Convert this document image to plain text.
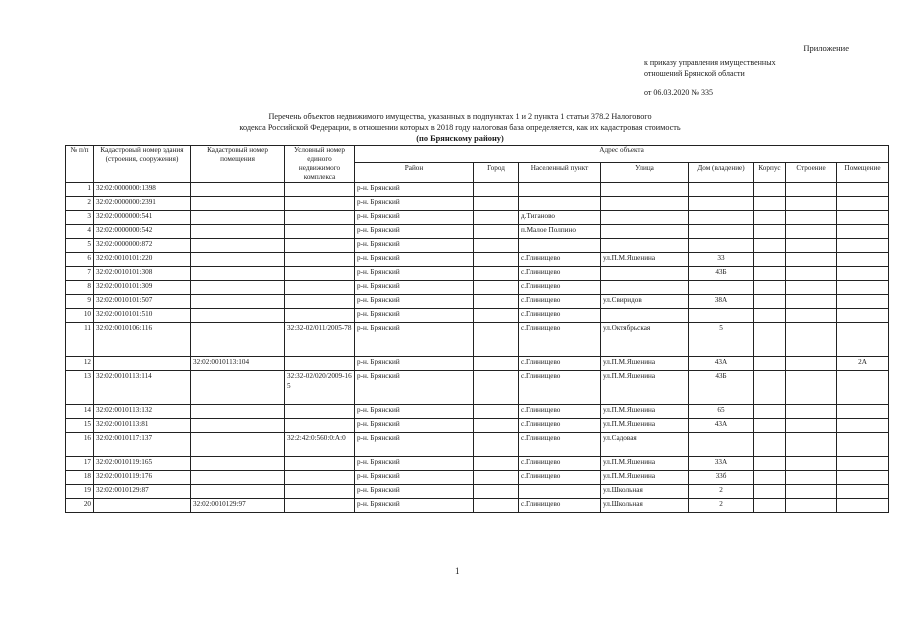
Приложение
к приказу управления имущественных
отношений Брянской области
от 06.03.2020 № 335
Перечень объектов недвижимого имущества, указанных в подпунктах 1 и 2 пункта 1 статьи 378.2 Налогового
кодекса Российской Федерации, в отношении которых в 2018 году налоговая база определяется, как их кадастровая стоимость
(по Брянскому району)
№ п/п	Кадастровый номер здания (строения, сооружения)	Кадастровый номер помещения	Условный номер единого недвижимого комплекса	Адрес объекта							
				Район	Город	Населенный пункт	Улица	Дом (владение)	Корпус	Строение	Помещение
1	32:02:0000000:1398			р-н. Брянский							
2	32:02:0000000:2391			р-н. Брянский							
3	32:02:0000000:541			р-н. Брянский		д.Тиганово					
4	32:02:0000000:542			р-н. Брянский		п.Малое Полпино					
5	32:02:0000000:872			р-н. Брянский							
6	32:02:0010101:220			р-н. Брянский		с.Глинищево	ул.П.М.Яшенина	33			
7	32:02:0010101:308			р-н. Брянский		с.Глинищево		43Б			
8	32:02:0010101:309			р-н. Брянский		с.Глинищево					
9	32:02:0010101:507			р-н. Брянский		с.Глинищево	ул.Свиридов	38А			
10	32:02:0010101:510			р-н. Брянский		с.Глинищево					
11	32:02:0010106:116		32:32-02/011/2005-78	р-н. Брянский		с.Глинищево	ул.Октябрьская	5			
12		32:02:0010113:104		р-н. Брянский		с.Глинищево	ул.П.М.Яшенина	43А			2А
13	32:02:0010113:114		32:32-02/020/2009-165	р-н. Брянский		с.Глинищево	ул.П.М.Яшенина	43Б			
14	32:02:0010113:132			р-н. Брянский		с.Глинищево	ул.П.М.Яшенина	65			
15	32:02:0010113:81			р-н. Брянский		с.Глинищево	ул.П.М.Яшенина	43А			
16	32:02:0010117:137		32:2:42:0:560:0:А:0	р-н. Брянский		с.Глинищево	ул.Садовая				
17	32:02:0010119:165			р-н. Брянский		с.Глинищево	ул.П.М.Яшенина	33А			
18	32:02:0010119:176			р-н. Брянский		с.Глинищево	ул.П.М.Яшенина	33б			
19	32:02:0010129:87			р-н. Брянский			ул.Школьная	2			
20		32:02:0010129:97		р-н. Брянский		с.Глинищево	ул.Школьная	2			
1
